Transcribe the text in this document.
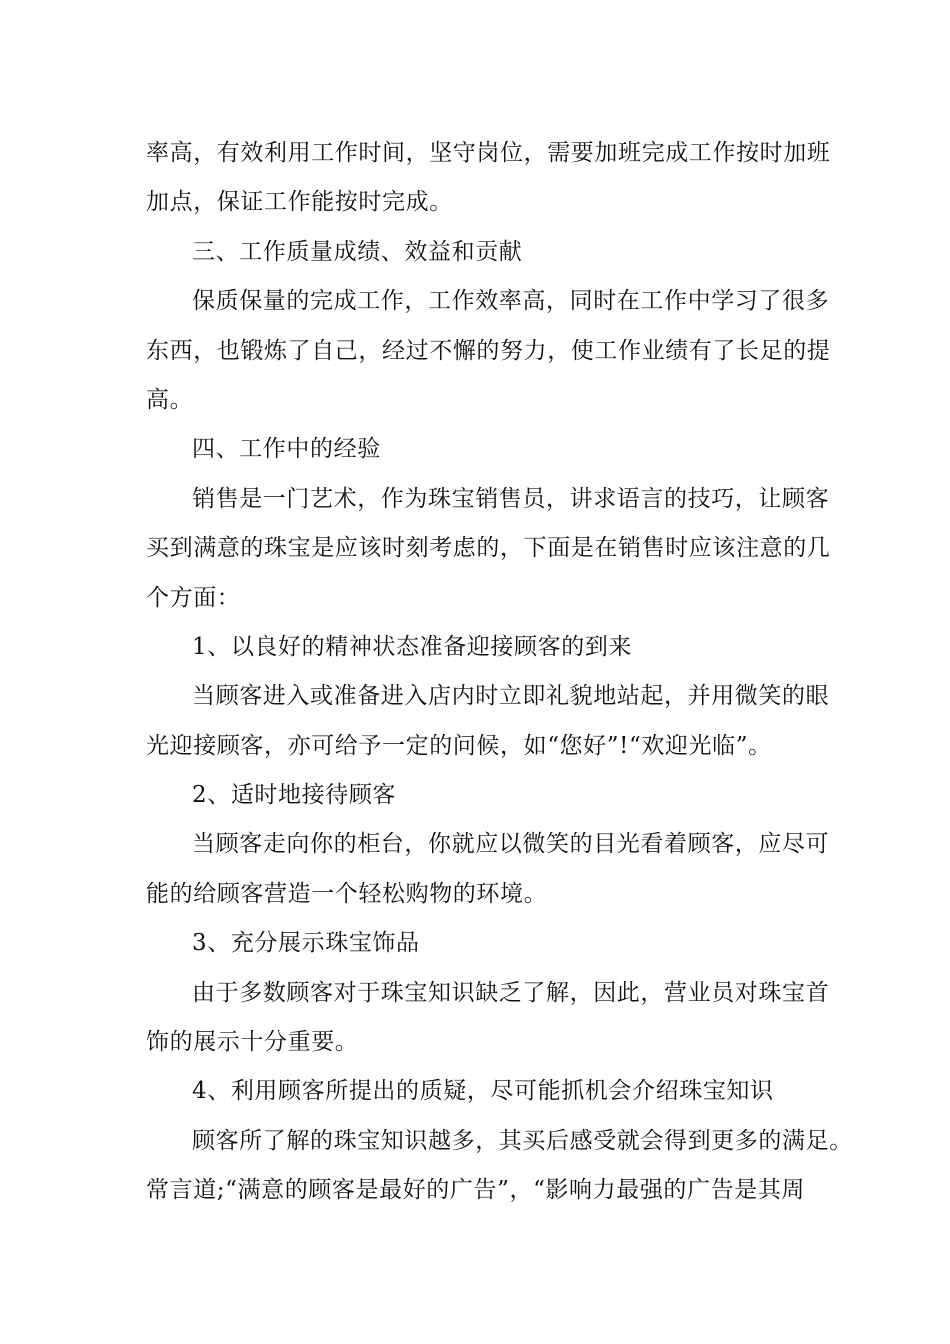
率高，有效利用工作时间，坚守岗位，需要加班完成工作按时加班
加点，保证工作能按时完成。
三、工作质量成绩、效益和贡献
保质保量的完成工作，工作效率高，同时在工作中学习了很多
东西，也锻炼了自己，经过不懈的努力，使工作业绩有了长足的提
高。
四、工作中的经验
销售是一门艺术，作为珠宝销售员，讲求语言的技巧，让顾客
买到满意的珠宝是应该时刻考虑的，下面是在销售时应该注意的几
个方面：
1、以良好的精神状态准备迎接顾客的到来
当顾客进入或准备进入店内时立即礼貌地站起，并用微笑的眼
光迎接顾客，亦可给予一定的问候，如“您好”!“欢迎光临”。
2、适时地接待顾客
当顾客走向你的柜台，你就应以微笑的目光看着顾客，应尽可
能的给顾客营造一个轻松购物的环境。
3、充分展示珠宝饰品
由于多数顾客对于珠宝知识缺乏了解，因此，营业员对珠宝首
饰的展示十分重要。
4、利用顾客所提出的质疑，尽可能抓机会介绍珠宝知识
顾客所了解的珠宝知识越多，其买后感受就会得到更多的满足。
常言道;“满意的顾客是最好的广告”，“影响力最强的广告是其周
